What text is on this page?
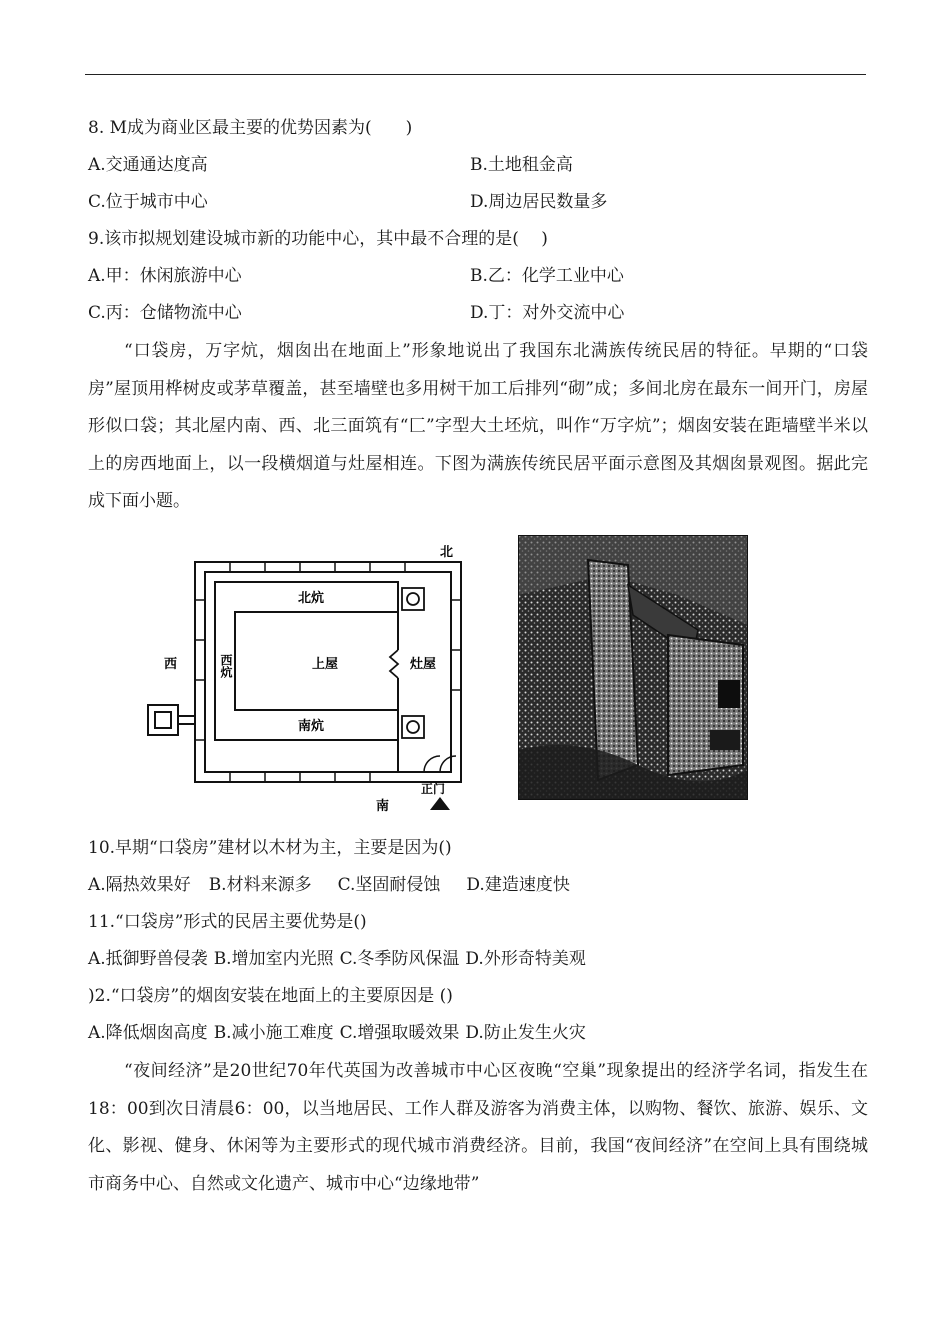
8. M成为商业区最主要的优势因素为(　　)
A.交通通达度高	B.土地租金高
C.位于城市中心	D.周边居民数量多
9.该市拟规划建设城市新的功能中心，其中最不合理的是(　 )
A.甲：休闲旅游中心	B.乙：化学工业中心
C.丙：仓储物流中心	D.丁：对外交流中心
“口袋房，万字炕，烟囱出在地面上”形象地说出了我国东北满族传统民居的特征。早期的“口袋房”屋顶用桦树皮或茅草覆盖，甚至墙壁也多用树干加工后排列“砌”成；多间北房在最东一间开门，房屋形似口袋；其北屋内南、西、北三面筑有“匚”字型大土坯炕，叫作“万字炕”；烟囱安装在距墙壁半米以上的房西地面上，以一段横烟道与灶屋相连。下图为满族传统民居平面示意图及其烟囱景观图。据此完成下面小题。
北
南
西
北炕
南炕
西炕	上屋	灶屋
正门
10.早期“口袋房”建材以木材为主，主要是因为()
A.隔热效果好 B.材料来源多 C.坚固耐侵蚀 D.建造速度快
11.“口袋房”形式的民居主要优势是()
A.抵御野兽侵袭 B.增加室内光照 C.冬季防风保温 D.外形奇特美观
)2.“口袋房”的烟囱安装在地面上的主要原因是 ()
A.降低烟囱高度 B.减小施工难度 C.增强取暖效果 D.防止发生火灾
“夜间经济”是20世纪70年代英国为改善城市中心区夜晚“空巢”现象提出的经济学名词，指发生在18：00到次日清晨6：00，以当地居民、工作人群及游客为消费主体，以购物、餐饮、旅游、娱乐、文化、影视、健身、休闲等为主要形式的现代城市消费经济。目前，我国“夜间经济”在空间上具有围绕城市商务中心、自然或文化遗产、城市中心“边缘地带”
